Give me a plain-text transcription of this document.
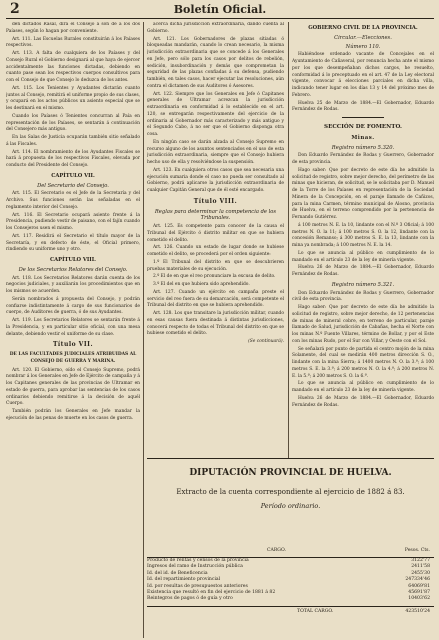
2	Boletín Oficial.

den dictados Rasal, dirá el Consejo á son de á los dos Paíases, según lo hagan por conveniente.

Art. 111. Las Escuelas Rurales constituirán á los Paíases respectivos.

Art. 113. A falta de cualquiera de los Paíases y del Consejo Rural el Gobierno designará al que haya de ejercer accidentalmente las funciones dictadas, debiendo en cuanto pase sean los respectivos cuerpos consultivos para con el Consejo de que Consejo lo deduzca de los antes.

Art. 115. Los Tenientes y Ayudantes dictarán cuanto juntos al Consejo, remitirá el uniforme propio de sus clases, y ocupará en los actos públicos un asiento especial que se les destinará en el mismo.

Cuando los Paíases ó Tenientes concurran al Paía en representación de los Paíases, se sentarán á continuación del Consejero más antiguo.

En las Salas de Justicia ocuparán también sitio señalado á las Fiscales.

Art. 114. El nombramiento de los Ayudantes Fiscales se hará á propuesta de los respectivos Fiscales, elevada por conducto del Presidente del Consejo.

CAPÍTULO VII.
Del Secretario del Consejo.

Art. 115. El Secretario es el Jefe de la Secretaría y del Archivo. Sus funciones serán las señaladas en el reglamento interior del Consejo.

Art. 116. El Secretario ocupará asiento frente á la Presidencia, pudiendo vestir de paisano, con el fajín cuando los Consejeros usen el mismo.

Art. 117. Residirá el Secretario el título mayor de la Secretaría, y en defecto de éste, el Oficial primero, rindiendo su uniforme uno y otro.

CAPÍTULO VIII.
De los Secretarios Relatores del Consejo.

Art. 118. Los Secretarios Relatores darán cuenta de los negocios judiciales, y auxiliarán los procedimientos que en los mismos se acuerden.

Serán nombrados á propuesta del Consejo, y podrán confiarse indistintamente á cargo de sus funcionarios de cuerpo, de Auditores de guerra, ó de sus Ayudantes.

Art. 119. Los Secretarios Relatores se sentarán frente á la Presidencia, y en particular sitio oficial, con una mesa delante, debiendo vestir el uniforme de su clase.

Título VII.
DE LAS FACULTADES JUDICIALES ATRIBUIDAS AL CONSEJO DE GUERRA Y MARINA.

Art. 120. El Gobierno, oído el Consejo Supremo, podrá nombrar á los Generales en Jefe de Ejército de campaña y á los Capitanes generales de las provincias de Ultramar en estado de guerra, para aprobar las sentencias de los casos ordinarios debiendo remitirse á la decisión de aquél Cuerpo.

También podrán los Generales en Jefe mandar la ejecución de las penas de muerte en los casos de guerra.

acerca dicha jurisdicción extraordinaria, dando cuenta al Gobierno.

Art. 121. Los Gobernadores de plazas sitiadas ó bloqueadas mandarán, cuando lo crean necesario, la misma jurisdicción extraordinaria que se concede á los Generales en Jefe, pero sólo para los casos por delitos de rebelión, sedición, insubordinación y demás que comprometan la seguridad de las plazas confiadas á su defensa, pudiendo también, en tales casos, hacer ejecutar las resoluciones, aún contra el dictamen de sus Auditores ó Asesores.

Art. 122. Siempre que los Generales en Jefe ó Capitanes generales de Ultramar acrezcan la jurisdicción extraordinaria en conformidad á lo establecido en el art. 120, se entregarán respectivamente del ejercicio de la ordinaria al Gobernador más caracterizado y más antiguo y el Segundo Cabo, á no ser que el Gobierno disponga otra cosa.

En ningún caso se darán alzada al Consejo Supremo en recurso alguno de los asuntos sentenciados en el uso de esta jurisdicción extraordinaria, siempre que el Consejo hubiera hecho uso de ella y resolviéndose la suspensión.

Art. 123. En cualquiera otros casos que sea necesaria una ejecución sumaria donde el caso no pueda ser consultado al Gobierno, podrá aplicarse la jurisdicción extraordinaria de cualquier Capitán General que de él esté encargado.

Título VIII.
Reglas para determinar la competencia de los Tribunales.

Art. 125. Es competente para conocer de la causa el Tribunal del Ejército ó distrito militar en que se hubiera cometido el delito.

Art. 126. Cuando un estado de lugar donde se hubiese cometido el delito, se procederá por el orden siguiente:

1.º El Tribunal del distrito en que se descubrieren pruebas materiales de su ejecución.

2.º El de en que el reo pronunciare la excusa de delito.

3.º El del en que hubiera sido aprehendido.

Art. 127. Cuando un ejército en campaña preste el servicio del reo fuera de su demarcación, será competente el Tribunal del distrito en que se hubiera aprehendido.

Art. 128. Los que transitare la jurisdicción militar, cuando en esas causas fuera destinada á distintas jurisdicciones, conocerá respecto de todas el Tribunal del distrito en que se hubiese cometido el delito.

(Se continuará).
GOBIERNO CIVIL DE LA PROVINCIA.
Circular.—Elecciones.
Número 110.

Habiéndose ordenado vacante de Concejales en el Ayuntamiento de Cañaveral, por renuncia hecha ante el mismo por los que desempeñaban dichos cargos, he resuelto, conformidad á lo preceptuado en el art. 47 de la Ley electoral vigente, convocar á elecciones parciales en dicha villa, indicando tener lugar en los días 13 y 14 del próximo mes de Febrero.

Huelva 25 de Marzo de 1884.—El Gobernador, Eduardo Fernández de Rodas.

SECCIÓN DE FOMENTO.
Minas.
Registro número 5.320.

Don Eduardo Fernández de Rodas y Guerrero, Gobernador de esta provincia.

Hago saber: Que por decreto de este día he admitido la solicitud de registro, sobre mejor derecho, del perímetro de las minas que hicieran, de solicitud, se le solicitaba por D. Manuel de la Torre de los Paíases en representación de la Sociedad Minera de la Concepción, en el paraje llamado de Cañizos, para la mina Carmen, término municipal de Alosno, provincia de Huelva, en el terreno comprendido por la pertenencia de Fernando Gutiérrez.

á 100 metros N. E. la 10, lindante con el N.º 3 Oficial; á 100 metros N. O. la 11; á 100 metros S. O. la 12, lindante con la concesión Remanso; á 300 metros S. E. la 13, lindante con la mina ya nombrada; á 100 metros N. E. la 14.

Lo que se anuncia al público en cumplimiento de lo mandado en el artículo 23 de la ley de minería vigente.

Huelva 26 de Marzo de 1884.—El Gobernador, Eduardo Fernández de Rodas.

Registro número 5.321.

Don Eduardo Fernández de Rodas y Guerrero, Gobernador civil de esta provincia.

Hago saber: Que por decreto de este día he admitido la solicitud de registro, sobre mejor derecho, de 12 pertenencias de minas de mineral cobre, en terreno de particular, paraje llamado de Salud, jurisdicción de Cabañas, hecha el Norte con los minas N.º Fuente Villares, término de Bollar, y por el Este con los minas Rudo, por el Sur con Villar, y Oeste con el Sol.

Se señalará por punto de partida el centro mojón de la mina Solamente, del cual se medirán 400 metros dirección S. O., lindante con la mina Sierra; á 1400 metros N. O. la 3.ª; á 100 metros S. E. la 3.ª; á 200 metros N. O. la 4.ª; á 200 metros N. E. la 5.ª; á 200 metros S. O. la 6.ª.

Lo que se anuncia al público en cumplimiento de lo mandado en el artículo 23 de la ley de minería vigente.

Huelva 26 de Marzo de 1884.—El Gobernador, Eduardo Fernández de Rodas.

DIPUTACIÓN PROVINCIAL DE HUELVA.
Extracto de la cuenta correspondiente al ejercicio de 1882 á 83.
Período ordinario.
CARGO.	Pesos. Cts.
Producto de rentas y censos de la provincia	3122'77
Ingresos del ramo de Instrucción pública	2411'58
Id. del id. de Beneficencia	2455'30
Id. del repartimiento provincial	247334'46
Id. por resultas de presupuestos anteriores	64069'81
Existencia que resultó en fin del ejercicio de 1881 á 82	45691'87
Reintegros de pagos ó de guía y otro	10403'62
TOTAL CARGO.	423510'24
